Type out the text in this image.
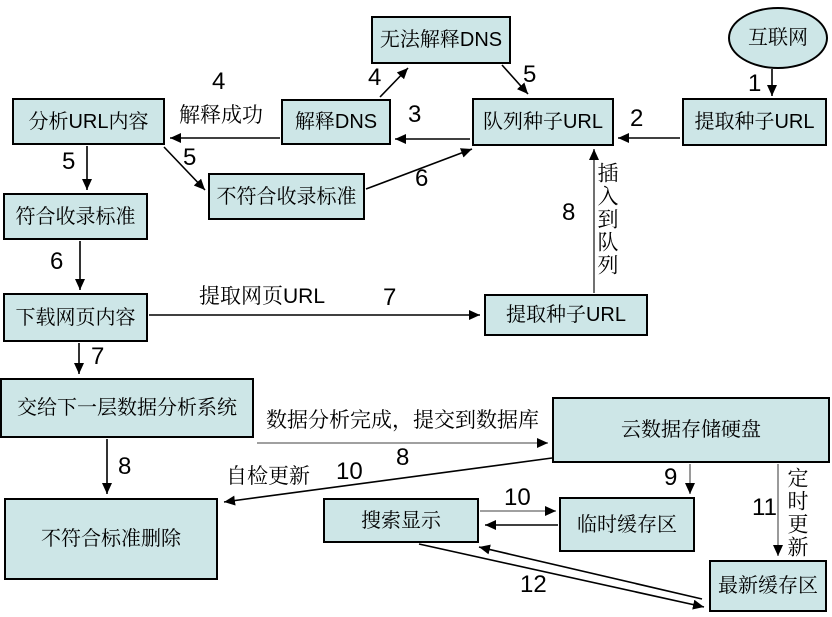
互联网
提取种子URL
队列种子URL
解释DNS
无法解释DNS
分析URL内容
符合收录标准
不符合收录标准
下载网页内容	提取种子URL
交给下一层数据分析系统
云数据存储硬盘
不符合标准删除
搜索显示	临时缓存区
最新缓存区
1
2
3
4	5
4
解释成功
5	5
6
6
提取网页URL 7
7
8 插入到队列
8
数据分析完成，提交到数据库
8
自检更新 10	9
10	11 定时更新
12
